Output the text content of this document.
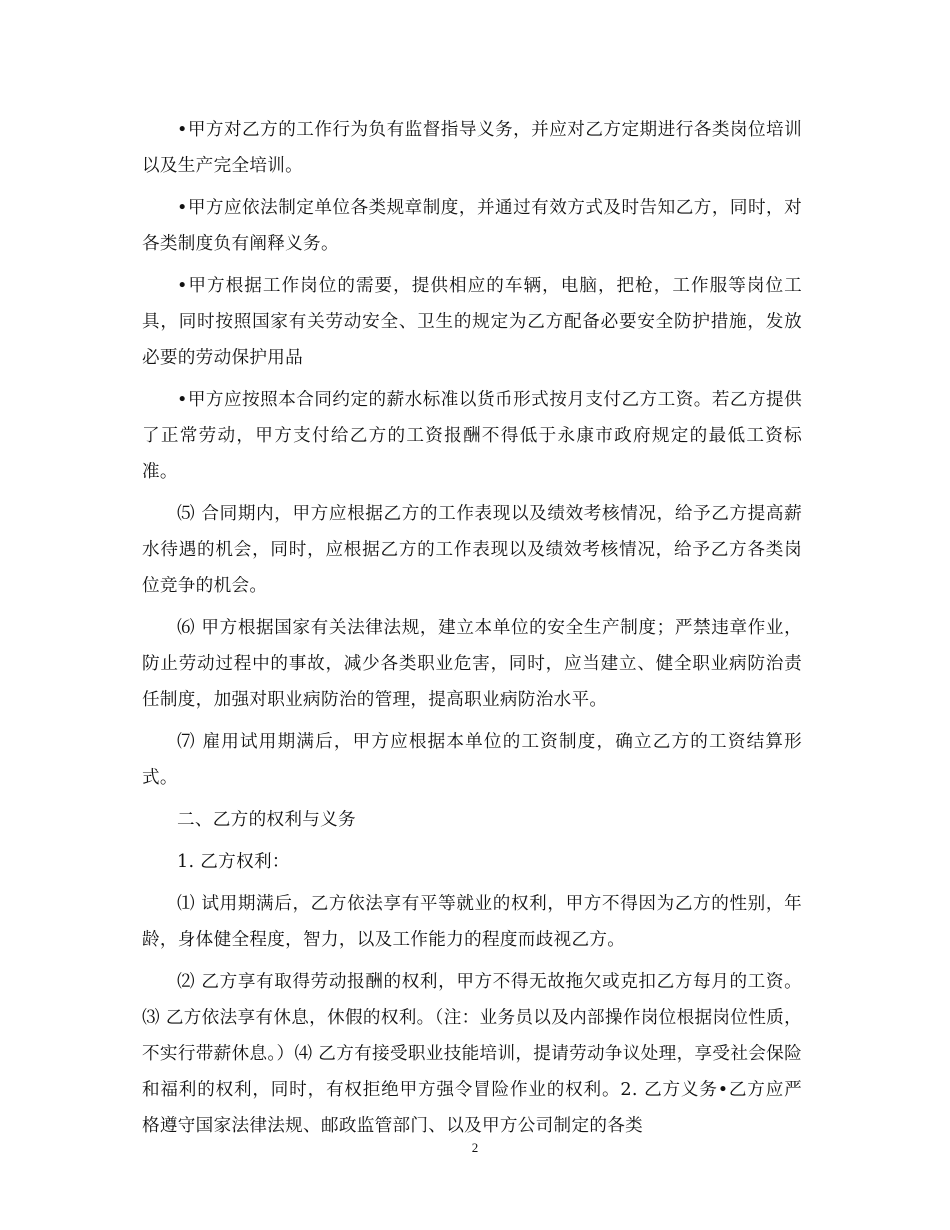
•甲方对乙方的工作行为负有监督指导义务，并应对乙方定期进行各类岗位培训以及生产完全培训。

•甲方应依法制定单位各类规章制度，并通过有效方式及时告知乙方，同时，对各类制度负有阐释义务。

•甲方根据工作岗位的需要，提供相应的车辆，电脑，把枪，工作服等岗位工具，同时按照国家有关劳动安全、卫生的规定为乙方配备必要安全防护措施，发放必要的劳动保护用品

•甲方应按照本合同约定的薪水标准以货币形式按月支付乙方工资。若乙方提供了正常劳动，甲方支付给乙方的工资报酬不得低于永康市政府规定的最低工资标准。

⑸ 合同期内，甲方应根据乙方的工作表现以及绩效考核情况，给予乙方提高薪水待遇的机会，同时，应根据乙方的工作表现以及绩效考核情况，给予乙方各类岗位竞争的机会。

⑹ 甲方根据国家有关法律法规，建立本单位的安全生产制度；严禁违章作业，防止劳动过程中的事故，减少各类职业危害，同时，应当建立、健全职业病防治责任制度，加强对职业病防治的管理，提高职业病防治水平。

⑺ 雇用试用期满后，甲方应根据本单位的工资制度，确立乙方的工资结算形式。

二、乙方的权利与义务

1. 乙方权利：

⑴ 试用期满后，乙方依法享有平等就业的权利，甲方不得因为乙方的性别，年龄，身体健全程度，智力，以及工作能力的程度而歧视乙方。

⑵ 乙方享有取得劳动报酬的权利，甲方不得无故拖欠或克扣乙方每月的工资。⑶ 乙方依法享有休息，休假的权利。（注：业务员以及内部操作岗位根据岗位性质，不实行带薪休息。）⑷ 乙方有接受职业技能培训，提请劳动争议处理，享受社会保险和福利的权利，同时，有权拒绝甲方强令冒险作业的权利。2. 乙方义务•乙方应严格遵守国家法律法规、邮政监管部门、以及甲方公司制定的各类

2
